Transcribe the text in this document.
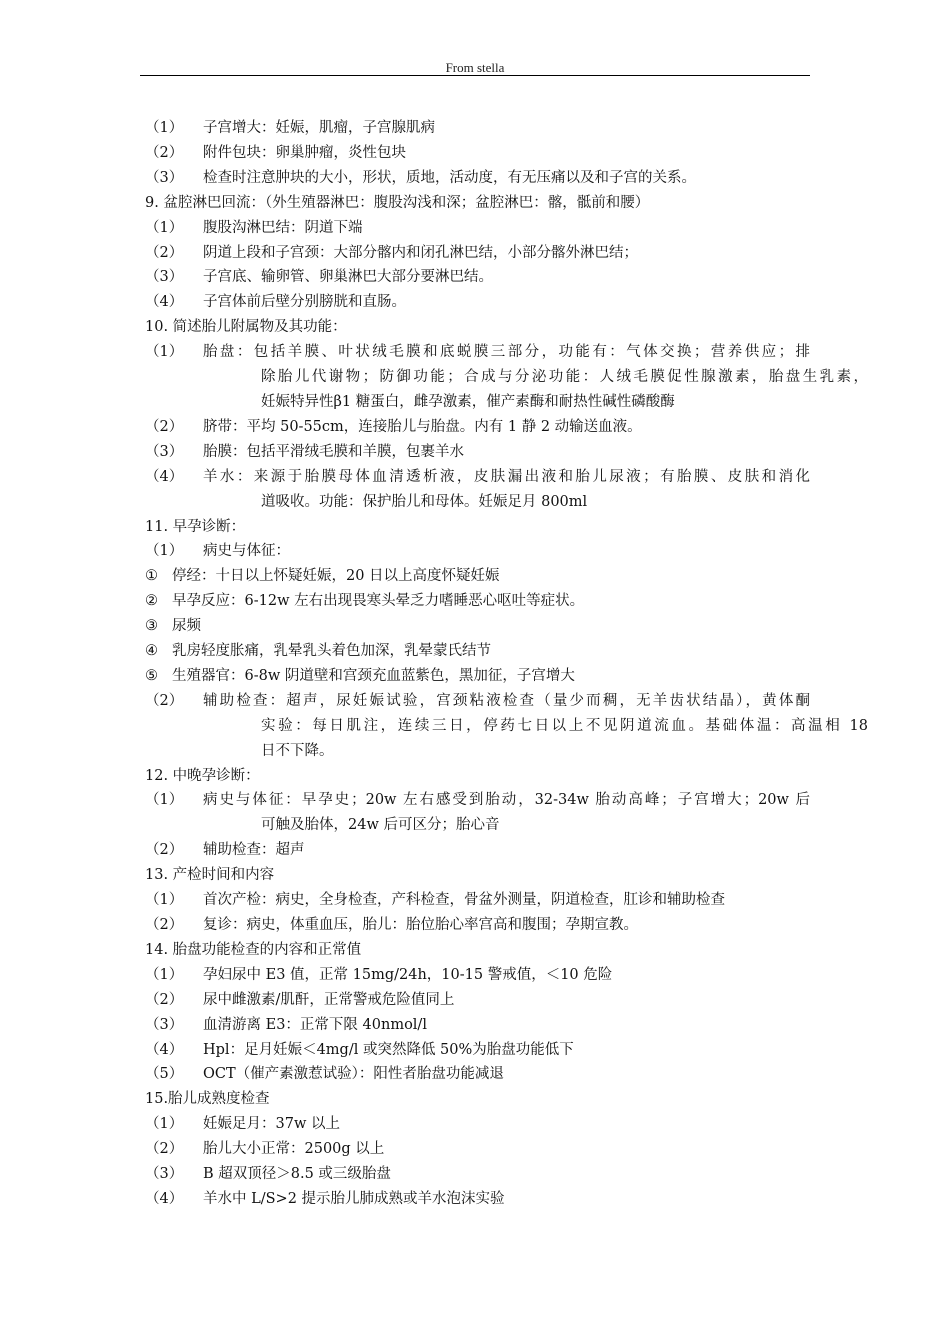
From stella
（1） 子宫增大：妊娠，肌瘤，子宫腺肌病
（2） 附件包块：卵巢肿瘤，炎性包块
（3） 检查时注意肿块的大小，形状，质地，活动度，有无压痛以及和子宫的关系。
9. 盆腔淋巴回流：（外生殖器淋巴：腹股沟浅和深；盆腔淋巴：髂，骶前和腰）
（1） 腹股沟淋巴结：阴道下端
（2） 阴道上段和子宫颈：大部分髂内和闭孔淋巴结，小部分髂外淋巴结；
（3） 子宫底、输卵管、卵巢淋巴大部分要淋巴结。
（4） 子宫体前后壁分别膀胱和直肠。
10. 简述胎儿附属物及其功能：
（1） 胎盘：包括羊膜、叶状绒毛膜和底蜕膜三部分，功能有：气体交换；营养供应；排
除胎儿代谢物；防御功能；合成与分泌功能：人绒毛膜促性腺激素，胎盘生乳素，
妊娠特异性β1 糖蛋白，雌孕激素，催产素酶和耐热性碱性磷酸酶
（2） 脐带：平均 50-55cm，连接胎儿与胎盘。内有 1 静 2 动输送血液。
（3） 胎膜：包括平滑绒毛膜和羊膜，包裹羊水
（4） 羊水：来源于胎膜母体血清透析液，皮肤漏出液和胎儿尿液；有胎膜、皮肤和消化
道吸收。功能：保护胎儿和母体。妊娠足月 800ml
11. 早孕诊断：
（1） 病史与体征：
① 停经：十日以上怀疑妊娠，20 日以上高度怀疑妊娠
② 早孕反应：6-12w 左右出现畏寒头晕乏力嗜睡恶心呕吐等症状。
③ 尿频
④ 乳房轻度胀痛，乳晕乳头着色加深，乳晕蒙氏结节
⑤ 生殖器官：6-8w 阴道壁和宫颈充血蓝紫色，黑加征，子宫增大
（2） 辅助检查：超声，尿妊娠试验，宫颈粘液检查（量少而稠，无羊齿状结晶），黄体酮
实验：每日肌注，连续三日，停药七日以上不见阴道流血。基础体温：高温相 18
日不下降。
12. 中晚孕诊断：
（1） 病史与体征：早孕史；20w 左右感受到胎动，32-34w 胎动高峰；子宫增大；20w 后
可触及胎体，24w 后可区分；胎心音
（2） 辅助检查：超声
13. 产检时间和内容
（1） 首次产检：病史，全身检查，产科检查，骨盆外测量，阴道检查，肛诊和辅助检查
（2） 复诊：病史，体重血压，胎儿：胎位胎心率宫高和腹围；孕期宣教。
14. 胎盘功能检查的内容和正常值
（1） 孕妇尿中 E3 值，正常 15mg/24h，10-15 警戒值，＜10 危险
（2） 尿中雌激素/肌酐，正常警戒危险值同上
（3） 血清游离 E3：正常下限 40nmol/l
（4） Hpl：足月妊娠＜4mg/l 或突然降低 50%为胎盘功能低下
（5） OCT（催产素激惹试验）：阳性者胎盘功能减退
15.胎儿成熟度检查
（1） 妊娠足月：37w 以上
（2） 胎儿大小正常：2500g 以上
（3） B 超双顶径＞8.5 或三级胎盘
（4） 羊水中 L/S>2 提示胎儿肺成熟或羊水泡沫实验
